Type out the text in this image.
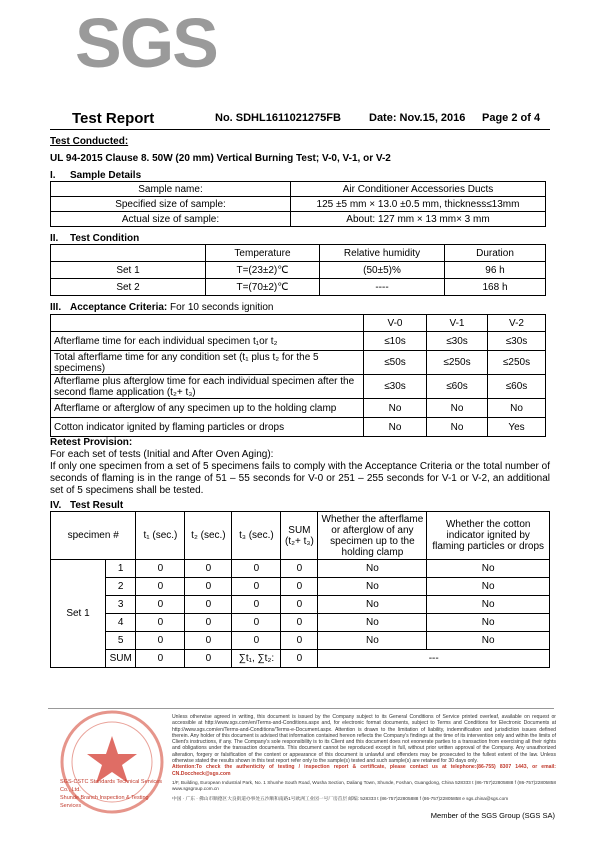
SGS
Test Report	No. SDHL1611021275FB	Date: Nov.15, 2016 Page 2 of 4
Test Conducted:
UL 94-2015 Clause 8. 50W (20 mm) Vertical Burning Test; V-0, V-1, or V-2
I. Sample Details
Sample name:	Air Conditioner Accessories Ducts
Specified size of sample:	125 ±5 mm × 13.0 ±0.5 mm, thickness≤13mm
Actual size of sample:	About: 127 mm × 13 mm× 3 mm
II. Test Condition
	Temperature	Relative humidity	Duration
Set 1	T=(23±2)℃	(50±5)%	96 h
Set 2	T=(70±2)℃	----	168 h
III. Acceptance Criteria: For 10 seconds ignition
	V-0	V-1	V-2
Afterflame time for each individual specimen t₁or t₂	≤10s	≤30s	≤30s
Total afterflame time for any condition set (t₁ plus t₂ for the 5 specimens)	≤50s	≤250s	≤250s
Afterflame plus afterglow time for each individual specimen after the second flame application (t₂+ t₃)	≤30s	≤60s	≤60s
Afterflame or afterglow of any specimen up to the holding clamp	No	No	No
Cotton indicator ignited by flaming particles or drops	No	No	Yes
Retest Provision:
For each set of tests (Initial and After Oven Aging):
If only one specimen from a set of 5 specimens fails to comply with the Acceptance Criteria or the total number of seconds of flaming is in the range of 51 – 55 seconds for V-0 or 251 – 255 seconds for V-1 or V-2, an additional set of 5 specimens shall be tested.
IV. Test Result
specimen #		t₁ (sec.)	t₂ (sec.)	t₃ (sec.)	SUM (t₂+ t₃)	Whether the afterflame or afterglow of any specimen up to the holding clamp	Whether the cotton indicator ignited by flaming particles or drops
Set 1	1	0	0	0	0	No	No
	2	0	0	0	0	No	No
	3	0	0	0	0	No	No
	4	0	0	0	0	No	No
	5	0	0	0	0	No	No
	SUM	0	0	∑t₁, ∑t₂:	0	---	
SGS-CSTC Standards Technical Services Co., Ltd.
Shunde Branch Inspection & Testing Services
Unless otherwise agreed in writing, this document is issued by the Company subject to its General Conditions of Service printed overleaf, available on request or accessible at http://www.sgs.com/en/Terms-and-Conditions.aspx and, for electronic format documents, subject to Terms and Conditions for Electronic Documents at http://www.sgs.com/en/Terms-and-Conditions/Terms-e-Document.aspx. Attention is drawn to the limitation of liability, indemnification and jurisdiction issues defined therein. Any holder of this document is advised that information contained hereon reflects the Company's findings at the time of its intervention only and within the limits of Client's instructions, if any. The Company's sole responsibility is to its Client and this document does not exonerate parties to a transaction from exercising all their rights and obligations under the transaction documents. This document cannot be reproduced except in full, without prior written approval of the Company. Any unauthorized alteration, forgery or falsification of the content or appearance of this document is unlawful and offenders may be prosecuted to the fullest extent of the law. Unless otherwise stated the results shown in this test report refer only to the sample(s) tested and such sample(s) are retained for 30 days only.
Attention:To check the authenticity of testing / inspection report & certificate, please contact us at telephone:(86-755) 8307 1443, or email: CN.Doccheck@sgs.com
1/F, Building, European Industrial Park, No. 1 Shunhe South Road, Wusha Section, Daliang Town, Shunde, Foshan, Guangdong, China 528333 t (86-757)22805888 f (86-757)22805858 www.sgsgroup.com.cn
中国 · 广东 · 佛山市顺德区大良街道办事处五沙顺和南路1号欧洲工业园一号厂房首层 邮编: 528333 t (86-757)22805888 f (86-757)22805858 e sgs.china@sgs.com
Member of the SGS Group (SGS SA)
